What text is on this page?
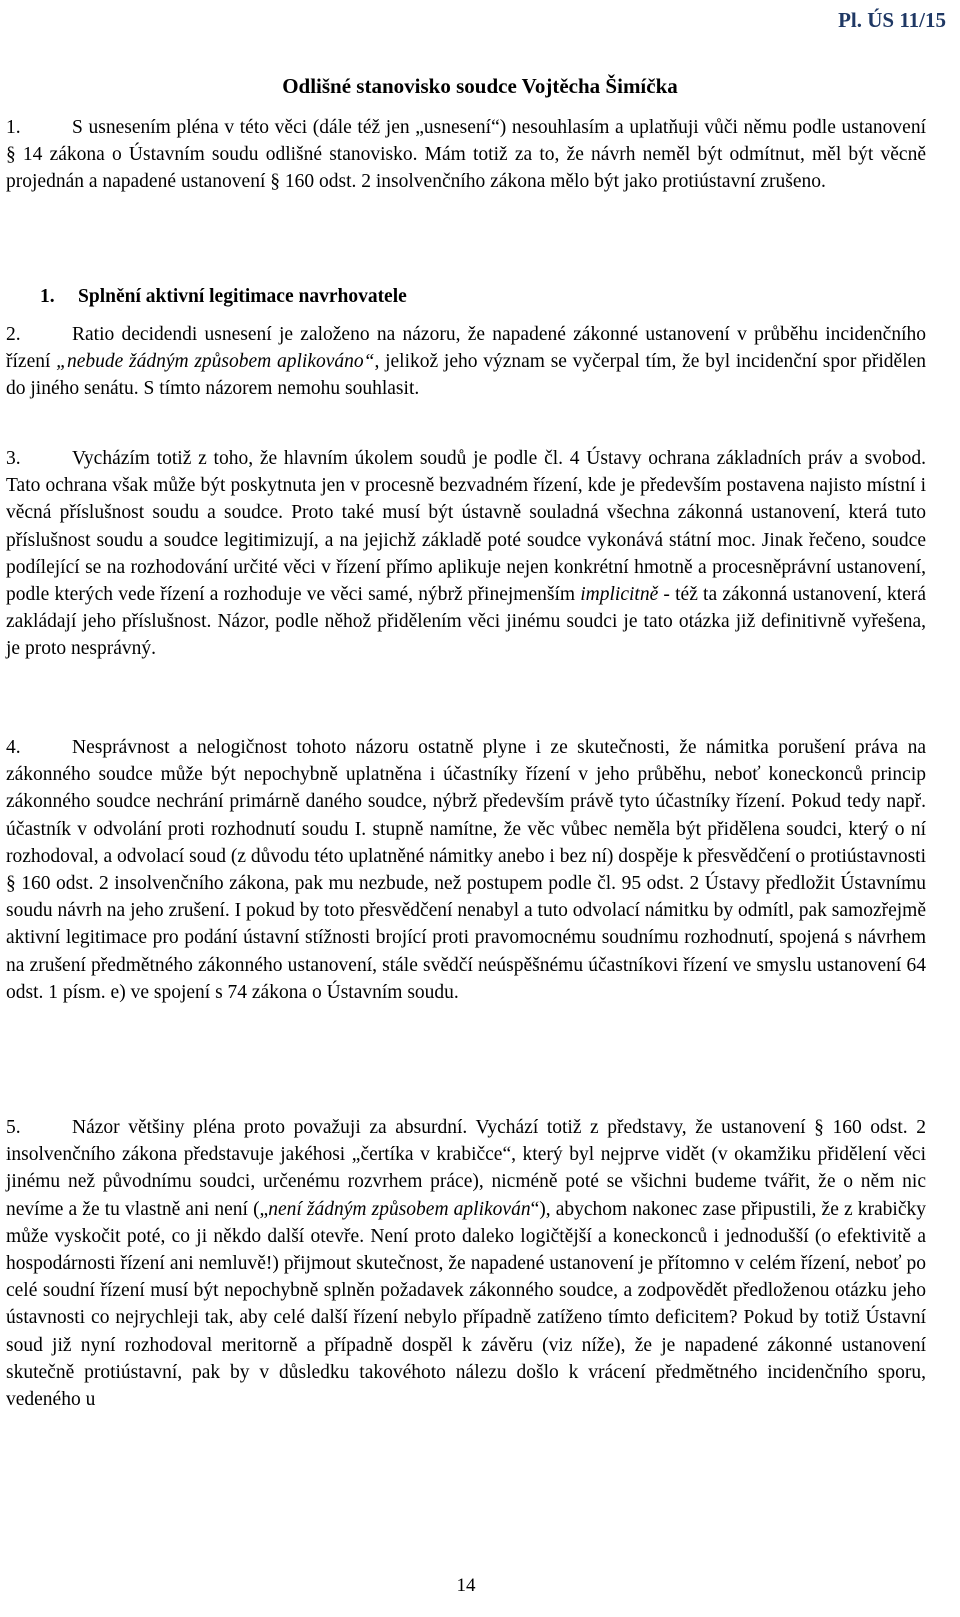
Pl. ÚS 11/15
Odlišné stanovisko soudce Vojtěcha Šimíčka

1.	S usnesením pléna v této věci (dále též jen „usnesení“) nesouhlasím a uplatňuji vůči němu podle ustanovení § 14 zákona o Ústavním soudu odlišné stanovisko. Mám totiž za to, že návrh neměl být odmítnut, měl být věcně projednán a napadené ustanovení § 160 odst. 2 insolvenčního zákona mělo být jako protiústavní zrušeno.

1. Splnění aktivní legitimace navrhovatele

2.	Ratio decidendi usnesení je založeno na názoru, že napadené zákonné ustanovení v průběhu incidenčního řízení „nebude žádným způsobem aplikováno“, jelikož jeho význam se vyčerpal tím, že byl incidenční spor přidělen do jiného senátu. S tímto názorem nemohu souhlasit.

3.	Vycházím totiž z toho, že hlavním úkolem soudů je podle čl. 4 Ústavy ochrana základních práv a svobod. Tato ochrana však může být poskytnuta jen v procesně bezvadném řízení, kde je především postavena najisto místní i věcná příslušnost soudu a soudce. Proto také musí být ústavně souladná všechna zákonná ustanovení, která tuto příslušnost soudu a soudce legitimizují, a na jejichž základě poté soudce vykonává státní moc. Jinak řečeno, soudce podílející se na rozhodování určité věci v řízení přímo aplikuje nejen konkrétní hmotně a procesněprávní ustanovení, podle kterých vede řízení a rozhoduje ve věci samé, nýbrž přinejmenším implicitně - též ta zákonná ustanovení, která zakládají jeho příslušnost. Názor, podle něhož přidělením věci jinému soudci je tato otázka již definitivně vyřešena, je proto nesprávný.

4.	Nesprávnost a nelogičnost tohoto názoru ostatně plyne i ze skutečnosti, že námitka porušení práva na zákonného soudce může být nepochybně uplatněna i účastníky řízení v jeho průběhu, neboť koneckonců princip zákonného soudce nechrání primárně daného soudce, nýbrž především právě tyto účastníky řízení. Pokud tedy např. účastník v odvolání proti rozhodnutí soudu I. stupně namítne, že věc vůbec neměla být přidělena soudci, který o ní rozhodoval, a odvolací soud (z důvodu této uplatněné námitky anebo i bez ní) dospěje k přesvědčení o protiústavnosti § 160 odst. 2 insolvenčního zákona, pak mu nezbude, než postupem podle čl. 95 odst. 2 Ústavy předložit Ústavnímu soudu návrh na jeho zrušení. I pokud by toto přesvědčení nenabyl a tuto odvolací námitku by odmítl, pak samozřejmě aktivní legitimace pro podání ústavní stížnosti brojící proti pravomocnému soudnímu rozhodnutí, spojená s návrhem na zrušení předmětného zákonného ustanovení, stále svědčí neúspěšnému účastníkovi řízení ve smyslu ustanovení 64 odst. 1 písm. e) ve spojení s 74 zákona o Ústavním soudu.

5.	Názor většiny pléna proto považuji za absurdní. Vychází totiž z představy, že ustanovení § 160 odst. 2 insolvenčního zákona představuje jakéhosi „čertíka v krabičce“, který byl nejprve vidět (v okamžiku přidělení věci jinému než původnímu soudci, určenému rozvrhem práce), nicméně poté se všichni budeme tvářit, že o něm nic nevíme a že tu vlastně ani není („není žádným způsobem aplikován“), abychom nakonec zase připustili, že z krabičky může vyskočit poté, co ji někdo další otevře. Není proto daleko logičtější a koneckonců i jednodušší (o efektivitě a hospodárnosti řízení ani nemluvě!) přijmout skutečnost, že napadené ustanovení je přítomno v celém řízení, neboť po celé soudní řízení musí být nepochybně splněn požadavek zákonného soudce, a zodpovědět předloženou otázku jeho ústavnosti co nejrychleji tak, aby celé další řízení nebylo případně zatíženo tímto deficitem? Pokud by totiž Ústavní soud již nyní rozhodoval meritorně a případně dospěl k závěru (viz níže), že je napadené zákonné ustanovení skutečně protiústavní, pak by v důsledku takovéhoto nálezu došlo k vrácení předmětného incidenčního sporu, vedeného u

14
